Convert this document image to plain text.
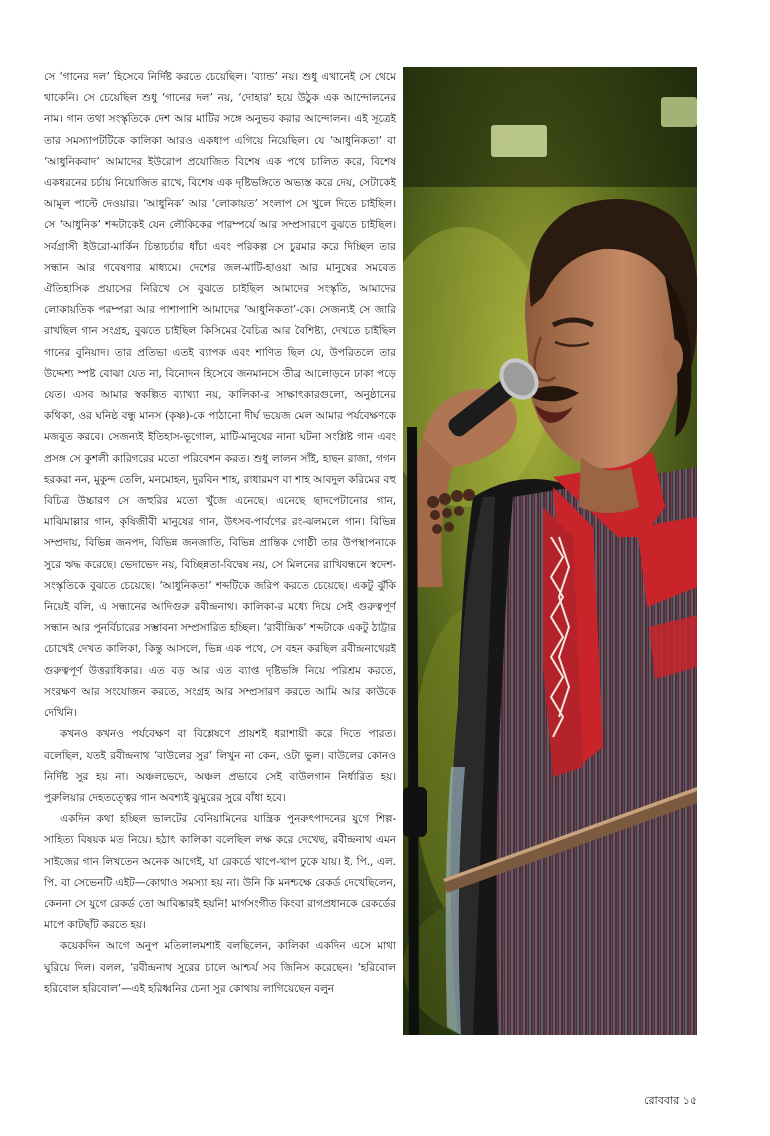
সে ‘গানের দল’ হিসেবে নির্দিষ্ট করতে চেয়েছিল। ‘ব্যান্ড’ নয়। শুধু এখানেই সে থেমে থাকেনি। সে চেয়েছিল শুধু ‘গানের দল’ নয়, ‘দোহার’ হয়ে উঠুক এক আন্দোলনের নাম। গান তথা সংস্কৃতিকে দেশ আর মাটির সঙ্গে অনুভব করার আন্দোলন। এই সূত্রেই তার সমস্যাপটটিকে কালিকা আরও একধাপ এগিয়ে নিয়েছিল। যে ‘আধুনিকতা’ বা ‘আধুনিকবাদ’ আমাদের ইউরোপ প্রযোজিত বিশেষ এক পথে চালিত করে, বিশেষ একধরনের চর্চায় নিয়োজিত রাখে, বিশেষ এক দৃষ্টিভঙ্গিতে অভ্যস্ত করে দেয়, সেটাকেই আমূল পাল্টে দেওয়ার। ‘আধুনিক’ আর ‘লোকায়ত’ সংলাপ সে খুলে দিতে চাইছিল। সে ‘আধুনিক’ শব্দটাকেই যেন লৌকিকের পারম্পর্যে আর সম্প্রসারণে বুঝতে চাইছিল। সর্বগ্রাসী ইউরো-মার্কিন চিন্তাচর্চার ধাঁচা এবং পরিকল্প সে চুরমার করে দিচ্ছিল তার সন্ধান আর গবেষণার মাধ্যমে। দেশের জল-মাটি-হাওয়া আর মানুষের সমবেত ঐতিহাসিক প্রয়াসের নিরিখে সে বুঝতে চাইছিল আমাদের সংস্কৃতি, আমাদের লোকায়তিক পরম্পরা আর পাশাপাশি আমাদের ‘আধুনিকতা’-কে। সেজন্যই সে জারি রাখছিল গান সংগ্রহ, বুঝতে চাইছিল কিসিমের বৈচিত্র আর বৈশিষ্ট্য, দেখতে চাইছিল গানের বুনিয়াদ। তার প্রতিভা এতই ব্যাপক এবং শাণিত ছিল যে, উপরিতলে তার উদ্দেশ্য স্পষ্ট বোঝা যেত না, বিনোদন হিসেবে জনমানসে তীব্র আলোড়নে ঢাকা পড়ে যেত। এসব আমার স্বকল্পিত ব্যাখ্যা নয়, কালিকা-র সাক্ষাৎকারগুলো, অনুষ্ঠানের কথিকা, ওর ঘনিষ্ঠ বন্ধু মানস (কৃষ্ণ)-কে পাঠানো দীর্ঘ ভয়েজ মেল আমার পর্যবেক্ষণকে মজবুত করবে। সেজন্যই ইতিহাস-ভূগোল, মাটি-মানুষের নানা ঘটনা সংশ্লিষ্ট গান এবং প্রসঙ্গ সে কুশলী কারিগরের মতো পরিবেশন করত। শুধু লালন সাঁই, হাছন রাজা, গগন হরকরা নন, মুকুন্দ তেলি, মনমোহন, দুরবিন শাহ, রাধারমণ বা শাহ আবদুল করিমের বহু বিচিত্র উচ্চারণ সে জহুরির মতো খুঁজে এনেছে। এনেছে ছাদপেটানোর গান, মাঝিমাল্লার গান, কৃষিজীবী মানুষের গান, উৎসব-পার্বণের রং-ঝলমলে গান। বিভিন্ন সম্প্রদায়, বিভিন্ন জনপদ, বিভিন্ন জনজাতি, বিভিন্ন প্রান্তিক গোষ্ঠী তার উপস্থাপনাকে সুরে ঋদ্ধ করেছে। ভেদাভেদ নয়, বিচ্ছিন্নতা-বিদ্বেষ নয়, সে মিলনের রাখিবন্ধনে স্বদেশ-সংস্কৃতিকে বুঝতে চেয়েছে। ‘আধুনিকতা’ শব্দটিকে জরিপ করতে চেয়েছে। একটু ঝুঁকি নিয়েই বলি, এ সন্ধানের আদিগুরু রবীন্দ্রনাথ। কালিকা-র মধ্যে দিয়ে সেই গুরুত্বপূর্ণ সন্ধান আর পুনর্বিচারের সম্ভাবনা সম্প্রসারিত হচ্ছিল। ‘রাবীন্দ্রিক’ শব্দটাকে একটু ঠাট্টার চোখেই দেখত কালিকা, কিন্তু আসলে, ভিন্ন এক পথে, সে বহন করছিল রবীন্দ্রনাথেরই গুরুত্বপূর্ণ উত্তরাধিকার। এত বড় আর এত ব্যাপ্ত দৃষ্টিভঙ্গি নিয়ে পরিশ্রম করতে, সংরক্ষণ আর সংযোজন করতে, সংগ্রহ আর সম্প্রসারণ করতে আমি আর কাউকে দেখিনি।

কখনও কখনও পর্যবেক্ষণ বা বিশ্লেষণে প্রায়শই ধরাশায়ী করে দিতে পারত। বলেছিল, যতই রবীন্দ্রনাথ ‘বাউলের সুর’ লিখুন না কেন, ওটা ভুল। বাউলের কোনও নির্দিষ্ট সুর হয় না। অঞ্চলভেদে, অঞ্চল প্রভাবে সেই বাউলগান নির্ধারিত হয়। পুরুলিয়ার দেহতত্ত্বের গান অবশ্যই ঝুমুরের সুরে বাঁধা হবে।

একদিন কথা হচ্ছিল ভালটের বেনিয়ামিনের যান্ত্রিক পুনরুৎপাদনের যুগে শিল্প-সাহিত্য বিষয়ক মত নিয়ে। হঠাৎ কালিকা বলেছিল লক্ষ করে দেখেছ, রবীন্দ্রনাথ এমন সাইজের গান লিখতেন অনেক আগেই, যা রেকর্ডে খাপে-খাপ ঢুকে যায়। ই. পি., এল. পি. বা সেভেনটি এইট—কোথাও সমস্যা হয় না। উনি কি মনশ্চক্ষে রেকর্ড দেখেছিলেন, কেননা সে যুগে রেকর্ড তো আবিষ্কারই হয়নি! মার্গসংগীত কিংবা রাগপ্রধানকে রেকর্ডের মাপে কাটছাঁট করতে হয়।

কয়েকদিন আগে অনুপ মতিলালমশাই বলছিলেন, কালিকা একদিন এসে মাথা ঘুরিয়ে দিল। বলল, ‘রবীন্দ্রনাথ সুরের চালে আশ্চর্য সব জিনিস করেছেন। ‘হরিবোল হরিবোল হরিবোল’—এই হরিধ্বনির চেনা সুর কোথায় লাগিয়েছেন বলুন

রোববার ১৫
